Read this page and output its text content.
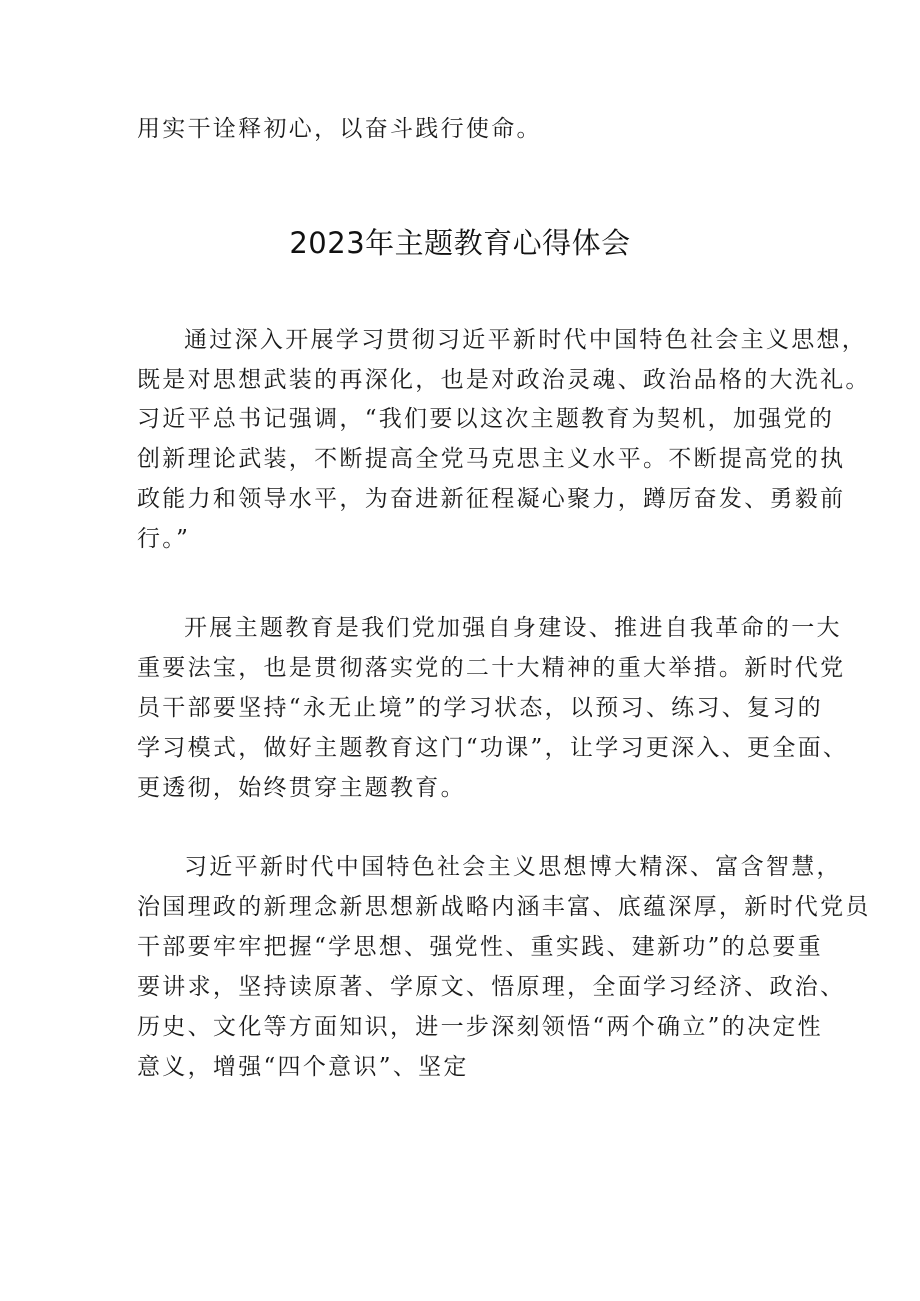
用实干诠释初心，以奋斗践行使命。
2023年主题教育心得体会
通过深入开展学习贯彻习近平新时代中国特色社会主义思想，
既是对思想武装的再深化，也是对政治灵魂、政治品格的大洗礼。
习近平总书记强调，“我们要以这次主题教育为契机，加强党的
创新理论武装，不断提高全党马克思主义水平。不断提高党的执
政能力和领导水平，为奋进新征程凝心聚力，蹲厉奋发、勇毅前
行。”
开展主题教育是我们党加强自身建设、推进自我革命的一大
重要法宝，也是贯彻落实党的二十大精神的重大举措。新时代党
员干部要坚持“永无止境”的学习状态，以预习、练习、复习的
学习模式，做好主题教育这门“功课”，让学习更深入、更全面、
更透彻，始终贯穿主题教育。
习近平新时代中国特色社会主义思想博大精深、富含智慧，
治国理政的新理念新思想新战略内涵丰富、底蕴深厚，新时代党员
干部要牢牢把握“学思想、强党性、重实践、建新功”的总要重
要讲求，坚持读原著、学原文、悟原理，全面学习经济、政治、
历史、文化等方面知识，进一步深刻领悟“两个确立”的决定性
意义，增强“四个意识”、坚定
